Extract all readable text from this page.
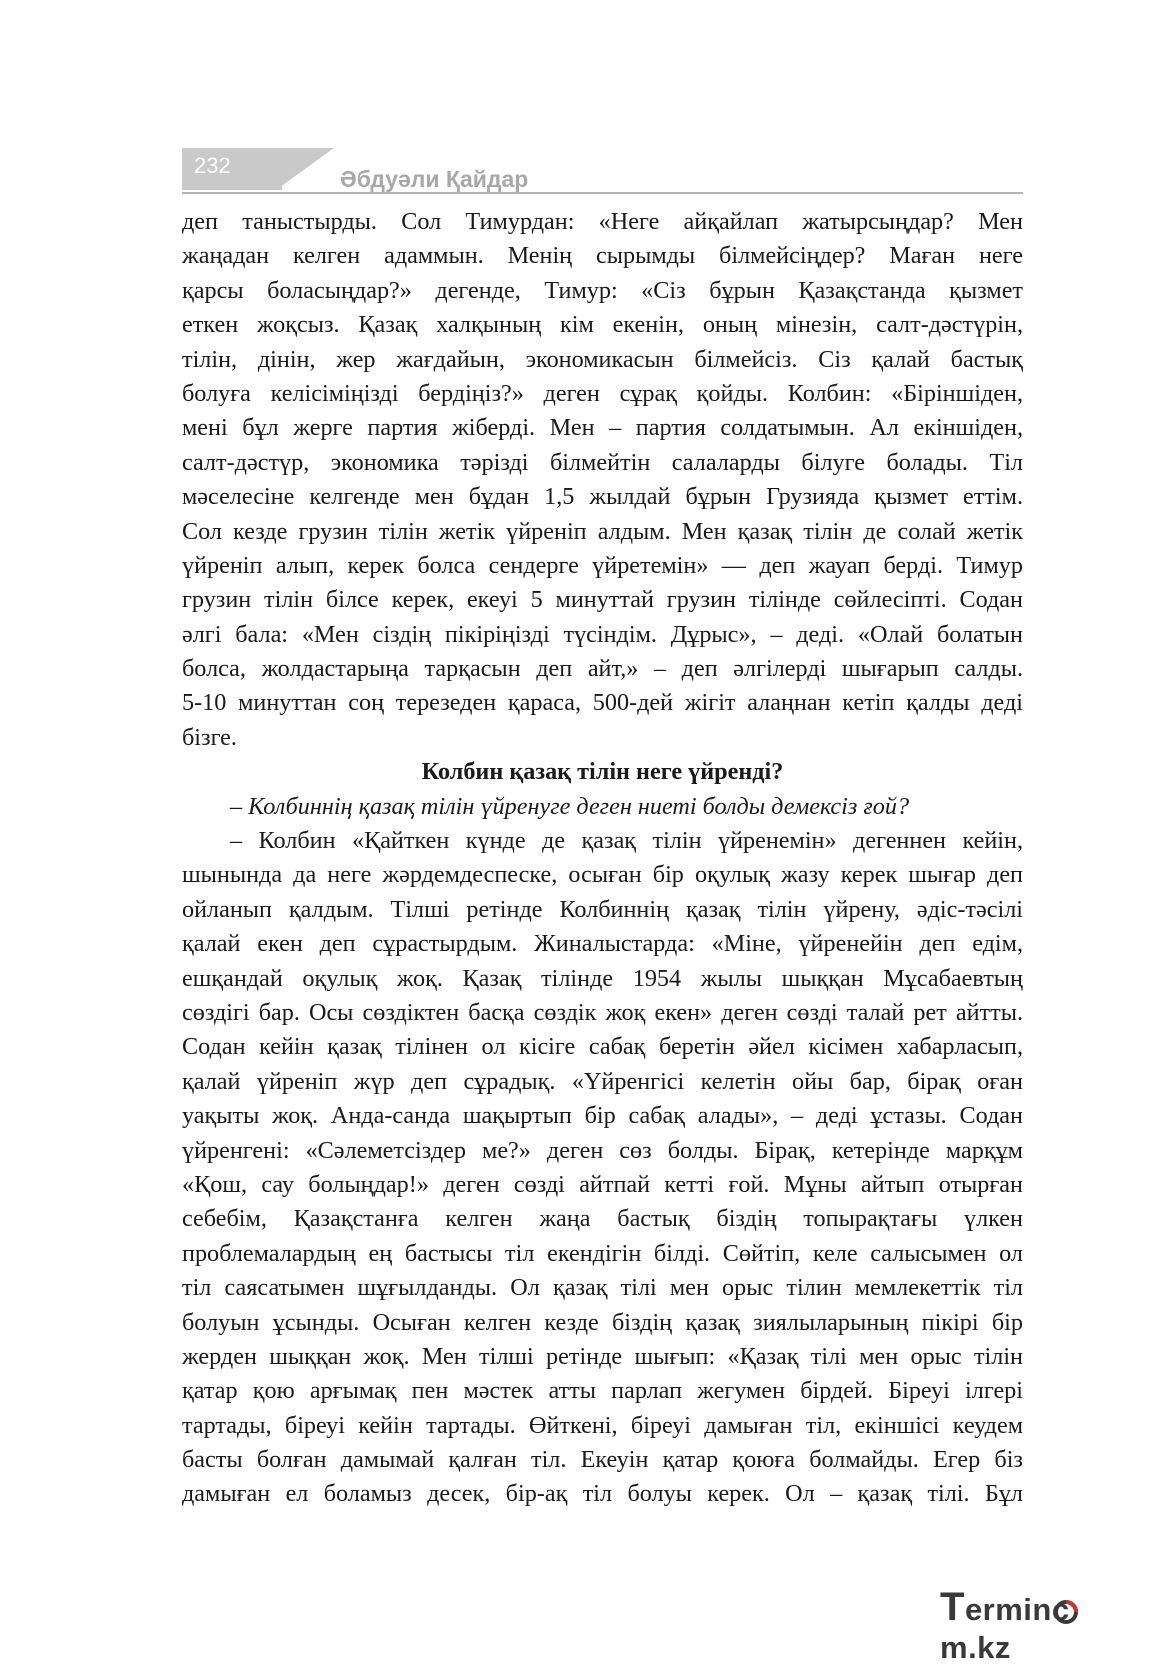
232
Әбдуәли Қайдар
деп таныстырды. Сол Тимурдан: «Неге айқайлап жатырсыңдар? Мен
жаңадан келген адаммын. Менің сырымды білмейсіңдер? Маған неге
қарсы боласыңдар?» дегенде, Тимур: «Сіз бұрын Қазақстанда қызмет
еткен жоқсыз. Қазақ халқының кім екенін, оның мінезін, салт-дәстүрін,
тілін, дінін, жер жағдайын, экономикасын білмейсіз. Сіз қалай бастық
болуға келісіміңізді бердіңіз?» деген сұрақ қойды. Колбин: «Біріншіден,
мені бұл жерге партия жіберді. Мен – партия солдатымын. Ал екіншіден,
салт-дәстүр, экономика тәрізді білмейтін салаларды білуге болады. Тіл
мәселесіне келгенде мен бұдан 1,5 жылдай бұрын Грузияда қызмет еттім.
Сол кезде грузин тілін жетік үйреніп алдым. Мен қазақ тілін де солай жетік
үйреніп алып, керек болса сендерге үйретемін» — деп жауап берді. Тимур
грузин тілін білсе керек, екеуі 5 минуттай грузин тілінде сөйлесіпті. Содан
әлгі бала: «Мен сіздің пікіріңізді түсіндім. Дұрыс», – деді. «Олай болатын
болса, жолдастарыңа тарқасын деп айт,» – деп әлгілерді шығарып салды.
5-10 минуттан соң терезеден қараса, 500-дей жігіт алаңнан кетіп қалды деді
бізге.
Колбин қазақ тілін неге үйренді?
– Колбиннің қазақ тілін үйренуге деген ниеті болды демексіз ғой?
– Колбин «Қайткен күнде де қазақ тілін үйренемін» дегеннен кейін,
шынында да неге жәрдемдеспеске, осыған бір оқулық жазу керек шығар деп
ойланып қалдым. Тілші ретінде Колбиннің қазақ тілін үйрену, әдіс-тәсілі
қалай екен деп сұрастырдым. Жиналыстарда: «Міне, үйренейін деп едім,
ешқандай оқулық жоқ. Қазақ тілінде 1954 жылы шыққан Мұсабаевтың
сөздігі бар. Осы сөздіктен басқа сөздік жоқ екен» деген сөзді талай рет айтты.
Содан кейін қазақ тілінен ол кісіге сабақ беретін әйел кісімен хабарласып,
қалай үйреніп жүр деп сұрадық. «Үйренгісі келетін ойы бар, бірақ оған
уақыты жоқ. Анда-санда шақыртып бір сабақ алады», – деді ұстазы. Содан
үйренгені: «Сәлеметсіздер ме?» деген сөз болды. Бірақ, кетерінде марқұм
«Қош, сау болыңдар!» деген сөзді айтпай кетті ғой. Мұны айтып отырған
себебім, Қазақстанға келген жаңа бастық біздің топырақтағы үлкен
проблемалардың ең бастысы тіл екендігін білді. Сөйтіп, келе салысымен ол
тіл саясатымен шұғылданды. Ол қазақ тілі мен орыс тілин мемлекеттік тіл
болуын ұсынды. Осыған келген кезде біздің қазақ зиялыларының пікірі бір
жерден шыққан жоқ. Мен тілші ретінде шығып: «Қазақ тілі мен орыс тілін
қатар қою арғымақ пен мәстек атты парлап жегумен бірдей. Біреуі ілгері
тартады, біреуі кейін тартады. Өйткені, біреуі дамыған тіл, екіншісі кеудем
басты болған дамымай қалған тіл. Екеуін қатар қоюға болмайды. Егер біз
дамыған ел боламыз десек, бір-ақ тіл болуы керек. Ол – қазақ тілі. Бұл
Termincm.kz
